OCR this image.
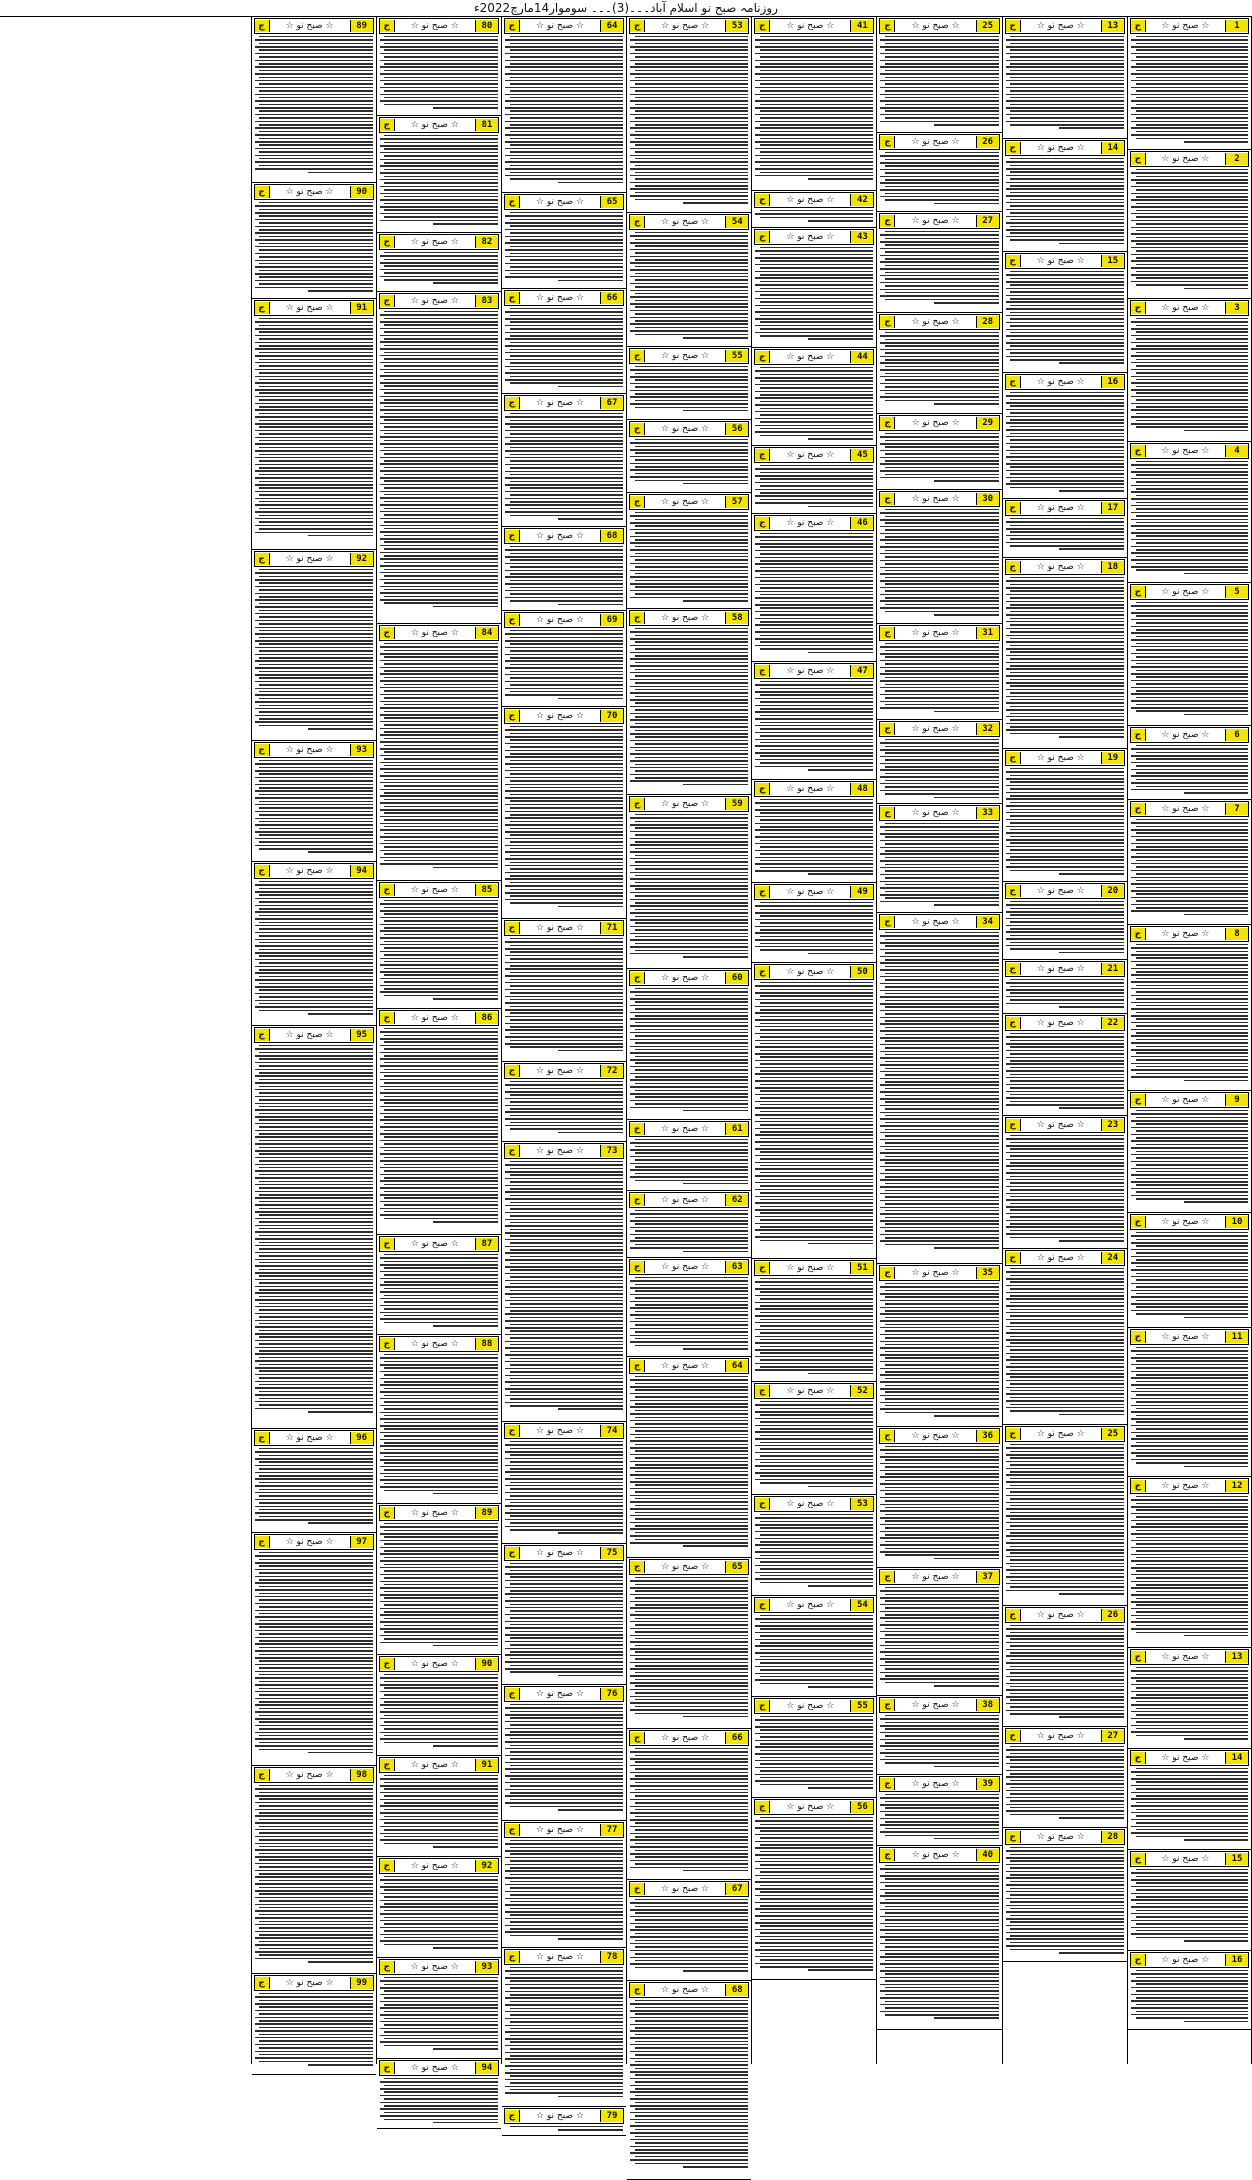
روزنامہ صبح نو اسلام آباد۔۔۔(3)۔۔۔ سوموار14مارچ2022ء
1
☆ صبح نو ☆
ج
2
☆ صبح نو ☆
ج
3
☆ صبح نو ☆
ج
4
☆ صبح نو ☆
ج
5
☆ صبح نو ☆
ج
6
☆ صبح نو ☆
ج
7
☆ صبح نو ☆
ج
8
☆ صبح نو ☆
ج
9
☆ صبح نو ☆
ج
10
☆ صبح نو ☆
ج
11
☆ صبح نو ☆
ج
12
☆ صبح نو ☆
ج
13
☆ صبح نو ☆
ج
14
☆ صبح نو ☆
ج
15
☆ صبح نو ☆
ج
16
☆ صبح نو ☆
ج
13
☆ صبح نو ☆
ج
14
☆ صبح نو ☆
ج
15
☆ صبح نو ☆
ج
16
☆ صبح نو ☆
ج
17
☆ صبح نو ☆
ج
18
☆ صبح نو ☆
ج
19
☆ صبح نو ☆
ج
20
☆ صبح نو ☆
ج
21
☆ صبح نو ☆
ج
22
☆ صبح نو ☆
ج
23
☆ صبح نو ☆
ج
24
☆ صبح نو ☆
ج
25
☆ صبح نو ☆
ج
26
☆ صبح نو ☆
ج
27
☆ صبح نو ☆
ج
28
☆ صبح نو ☆
ج
25
☆ صبح نو ☆
ج
26
☆ صبح نو ☆
ج
27
☆ صبح نو ☆
ج
28
☆ صبح نو ☆
ج
29
☆ صبح نو ☆
ج
30
☆ صبح نو ☆
ج
31
☆ صبح نو ☆
ج
32
☆ صبح نو ☆
ج
33
☆ صبح نو ☆
ج
34
☆ صبح نو ☆
ج
35
☆ صبح نو ☆
ج
36
☆ صبح نو ☆
ج
37
☆ صبح نو ☆
ج
38
☆ صبح نو ☆
ج
39
☆ صبح نو ☆
ج
40
☆ صبح نو ☆
ج
41
☆ صبح نو ☆
ج
42
☆ صبح نو ☆
ج
43
☆ صبح نو ☆
ج
44
☆ صبح نو ☆
ج
45
☆ صبح نو ☆
ج
46
☆ صبح نو ☆
ج
47
☆ صبح نو ☆
ج
48
☆ صبح نو ☆
ج
49
☆ صبح نو ☆
ج
50
☆ صبح نو ☆
ج
51
☆ صبح نو ☆
ج
52
☆ صبح نو ☆
ج
53
☆ صبح نو ☆
ج
54
☆ صبح نو ☆
ج
55
☆ صبح نو ☆
ج
56
☆ صبح نو ☆
ج
53
☆ صبح نو ☆
ج
54
☆ صبح نو ☆
ج
55
☆ صبح نو ☆
ج
56
☆ صبح نو ☆
ج
57
☆ صبح نو ☆
ج
58
☆ صبح نو ☆
ج
59
☆ صبح نو ☆
ج
60
☆ صبح نو ☆
ج
61
☆ صبح نو ☆
ج
62
☆ صبح نو ☆
ج
63
☆ صبح نو ☆
ج
64
☆ صبح نو ☆
ج
65
☆ صبح نو ☆
ج
66
☆ صبح نو ☆
ج
67
☆ صبح نو ☆
ج
68
☆ صبح نو ☆
ج
64
☆ صبح نو ☆
ج
65
☆ صبح نو ☆
ج
66
☆ صبح نو ☆
ج
67
☆ صبح نو ☆
ج
68
☆ صبح نو ☆
ج
69
☆ صبح نو ☆
ج
70
☆ صبح نو ☆
ج
71
☆ صبح نو ☆
ج
72
☆ صبح نو ☆
ج
73
☆ صبح نو ☆
ج
74
☆ صبح نو ☆
ج
75
☆ صبح نو ☆
ج
76
☆ صبح نو ☆
ج
77
☆ صبح نو ☆
ج
78
☆ صبح نو ☆
ج
79
☆ صبح نو ☆
ج
80
☆ صبح نو ☆
ج
81
☆ صبح نو ☆
ج
82
☆ صبح نو ☆
ج
83
☆ صبح نو ☆
ج
84
☆ صبح نو ☆
ج
85
☆ صبح نو ☆
ج
86
☆ صبح نو ☆
ج
87
☆ صبح نو ☆
ج
88
☆ صبح نو ☆
ج
89
☆ صبح نو ☆
ج
90
☆ صبح نو ☆
ج
91
☆ صبح نو ☆
ج
92
☆ صبح نو ☆
ج
93
☆ صبح نو ☆
ج
94
☆ صبح نو ☆
ج
89
☆ صبح نو ☆
ج
90
☆ صبح نو ☆
ج
91
☆ صبح نو ☆
ج
92
☆ صبح نو ☆
ج
93
☆ صبح نو ☆
ج
94
☆ صبح نو ☆
ج
95
☆ صبح نو ☆
ج
96
☆ صبح نو ☆
ج
97
☆ صبح نو ☆
ج
98
☆ صبح نو ☆
ج
99
☆ صبح نو ☆
ج
